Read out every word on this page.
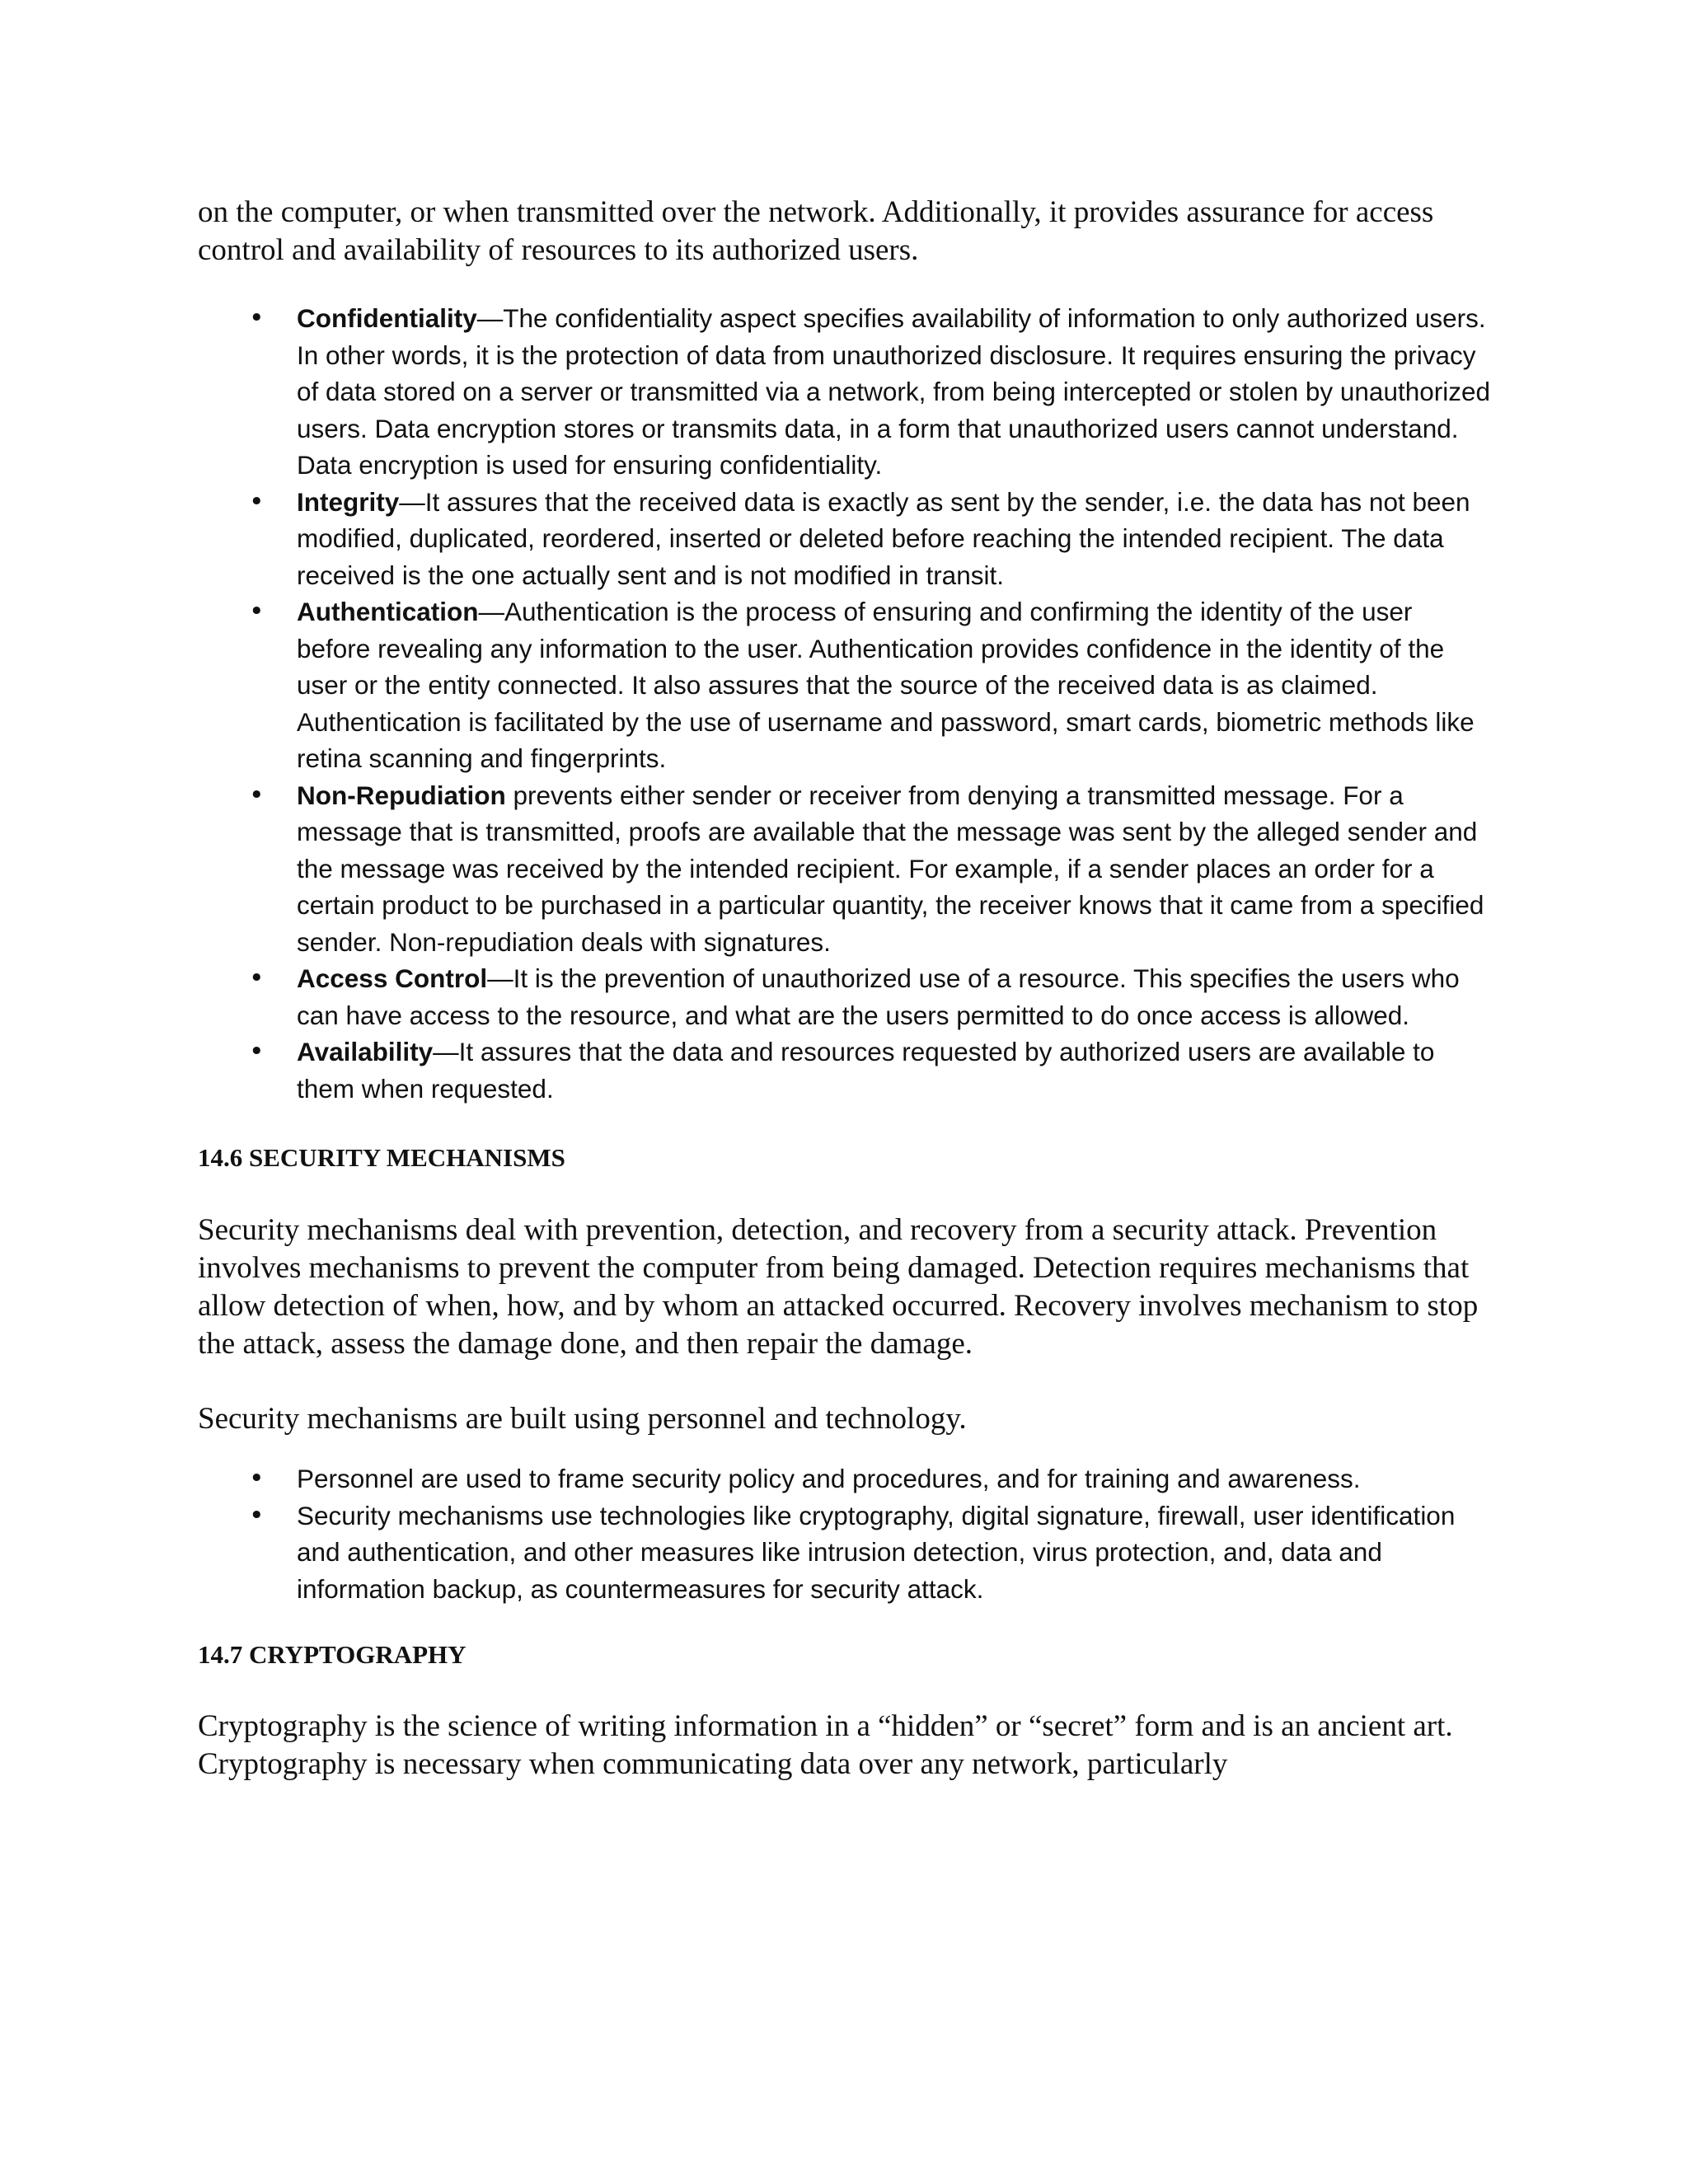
on the computer, or when transmitted over the network. Additionally, it provides assurance for access control and availability of resources to its authorized users.

• Confidentiality—The confidentiality aspect specifies availability of information to only authorized users. In other words, it is the protection of data from unauthorized disclosure. It requires ensuring the privacy of data stored on a server or transmitted via a network, from being intercepted or stolen by unauthorized users. Data encryption stores or transmits data, in a form that unauthorized users cannot understand. Data encryption is used for ensuring confidentiality.
• Integrity—It assures that the received data is exactly as sent by the sender, i.e. the data has not been modified, duplicated, reordered, inserted or deleted before reaching the intended recipient. The data received is the one actually sent and is not modified in transit.
• Authentication—Authentication is the process of ensuring and confirming the identity of the user before revealing any information to the user. Authentication provides confidence in the identity of the user or the entity connected. It also assures that the source of the received data is as claimed. Authentication is facilitated by the use of username and password, smart cards, biometric methods like retina scanning and fingerprints.
• Non-Repudiation prevents either sender or receiver from denying a transmitted message. For a message that is transmitted, proofs are available that the message was sent by the alleged sender and the message was received by the intended recipient. For example, if a sender places an order for a certain product to be purchased in a particular quantity, the receiver knows that it came from a specified sender. Non-repudiation deals with signatures.
• Access Control—It is the prevention of unauthorized use of a resource. This specifies the users who can have access to the resource, and what are the users permitted to do once access is allowed.
• Availability—It assures that the data and resources requested by authorized users are available to them when requested.
14.6 SECURITY MECHANISMS

Security mechanisms deal with prevention, detection, and recovery from a security attack. Prevention involves mechanisms to prevent the computer from being damaged. Detection requires mechanisms that allow detection of when, how, and by whom an attacked occurred. Recovery involves mechanism to stop the attack, assess the damage done, and then repair the damage.

Security mechanisms are built using personnel and technology.

• Personnel are used to frame security policy and procedures, and for training and awareness.
• Security mechanisms use technologies like cryptography, digital signature, firewall, user identification and authentication, and other measures like intrusion detection, virus protection, and, data and information backup, as countermeasures for security attack.
14.7 CRYPTOGRAPHY

Cryptography is the science of writing information in a “hidden” or “secret” form and is an ancient art. Cryptography is necessary when communicating data over any network, particularly
